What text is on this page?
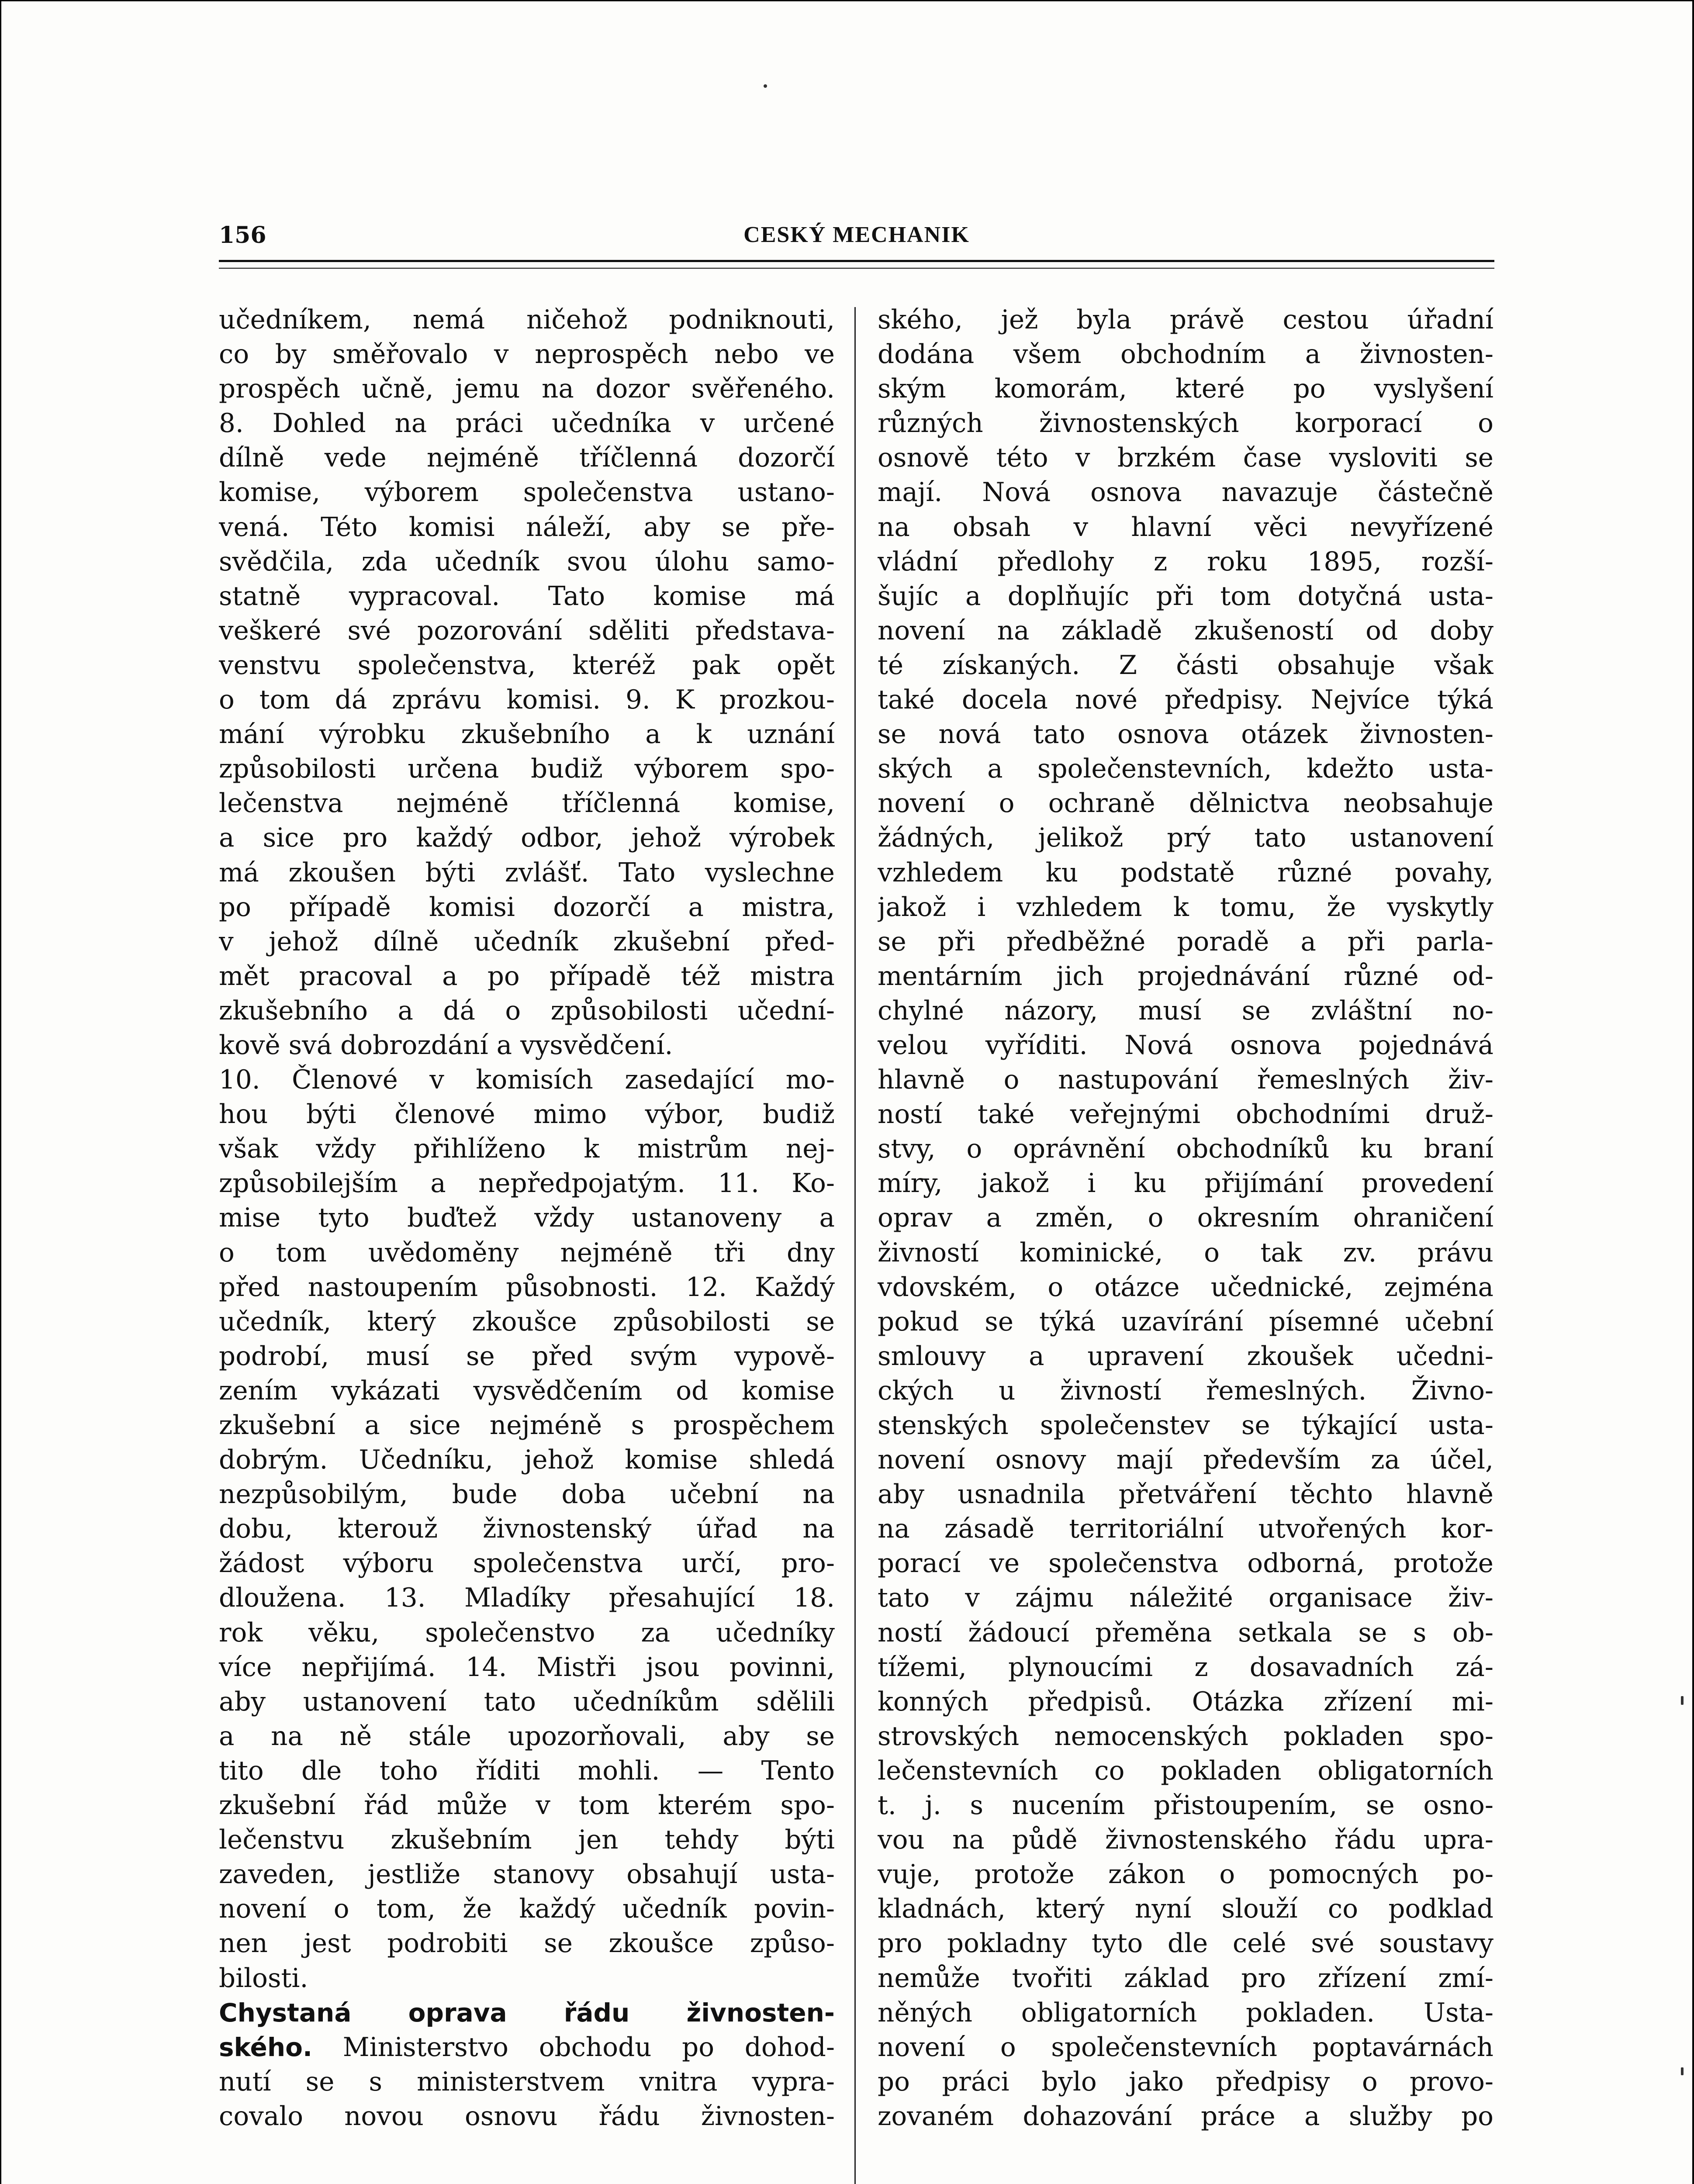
156	CESKÝ MECHANIK
učedníkem, nemá ničehož podniknouti,
co by směřovalo v neprospěch nebo ve
prospěch učně, jemu na dozor svěřeného.
8. Dohled na práci učedníka v určené
dílně vede nejméně tříčlenná dozorčí
komise, výborem společenstva ustano-
vená. Této komisi náleží, aby se pře-
svědčila, zda učedník svou úlohu samo-
statně vypracoval. Tato komise má
veškeré své pozorování sděliti představa-
venstvu společenstva, kteréž pak opět
o tom dá zprávu komisi. 9. K prozkou-
mání výrobku zkušebního a k uznání
způsobilosti určena budiž výborem spo-
lečenstva nejméně tříčlenná komise,
a sice pro každý odbor, jehož výrobek
má zkoušen býti zvlášť. Tato vyslechne
po případě komisi dozorčí a mistra,
v jehož dílně učedník zkušební před-
mět pracoval a po případě též mistra
zkušebního a dá o způsobilosti učední-
kově svá dobrozdání a vysvědčení.
10. Členové v komisích zasedající mo-
hou býti členové mimo výbor, budiž
však vždy přihlíženo k mistrům nej-
způsobilejším a nepředpojatým. 11. Ko-
mise tyto buďtež vždy ustanoveny a
o tom uvědoměny nejméně tři dny
před nastoupením působnosti. 12. Každý
učedník, který zkoušce způsobilosti se
podrobí, musí se před svým vypově-
zením vykázati vysvědčením od komise
zkušební a sice nejméně s prospěchem
dobrým. Učedníku, jehož komise shledá
nezpůsobilým, bude doba učební na
dobu, kterouž živnostenský úřad na
žádost výboru společenstva určí, pro-
dloužena. 13. Mladíky přesahující 18.
rok věku, společenstvo za učedníky
více nepřijímá. 14. Mistři jsou povinni,
aby ustanovení tato učedníkům sdělili
a na ně stále upozorňovali, aby se
tito dle toho říditi mohli. — Tento
zkušební řád může v tom kterém spo-
lečenstvu zkušebním jen tehdy býti
zaveden, jestliže stanovy obsahují usta-
novení o tom, že každý učedník povin-
nen jest podrobiti se zkoušce způso-
bilosti.
Chystaná oprava řádu živnosten-
ského. Ministerstvo obchodu po dohod-
nutí se s ministerstvem vnitra vypra-
covalo novou osnovu řádu živnosten-
ského, jež byla právě cestou úřadní
dodána všem obchodním a živnosten-
ským komorám, které po vyslyšení
různých živnostenských korporací o
osnově této v brzkém čase vysloviti se
mají. Nová osnova navazuje částečně
na obsah v hlavní věci nevyřízené
vládní předlohy z roku 1895, rozší-
šujíc a doplňujíc při tom dotyčná usta-
novení na základě zkušeností od doby
té získaných. Z části obsahuje však
také docela nové předpisy. Nejvíce týká
se nová tato osnova otázek živnosten-
ských a společenstevních, kdežto usta-
novení o ochraně dělnictva neobsahuje
žádných, jelikož prý tato ustanovení
vzhledem ku podstatě různé povahy,
jakož i vzhledem k tomu, že vyskytly
se při předběžné poradě a při parla-
mentárním jich projednávání různé od-
chylné názory, musí se zvláštní no-
velou vyříditi. Nová osnova pojednává
hlavně o nastupování řemeslných živ-
ností také veřejnými obchodními druž-
stvy, o oprávnění obchodníků ku braní
míry, jakož i ku přijímání provedení
oprav a změn, o okresním ohraničení
živností kominické, o tak zv. právu
vdovském, o otázce učednické, zejména
pokud se týká uzavírání písemné učební
smlouvy a upravení zkoušek učedni-
ckých u živností řemeslných. Živno-
stenských společenstev se týkající usta-
novení osnovy mají především za účel,
aby usnadnila přetváření těchto hlavně
na zásadě territoriální utvořených kor-
porací ve společenstva odborná, protože
tato v zájmu náležité organisace živ-
ností žádoucí přeměna setkala se s ob-
tížemi, plynoucími z dosavadních zá-
konných předpisů. Otázka zřízení mi-
strovských nemocenských pokladen spo-
lečenstevních co pokladen obligatorních
t. j. s nucením přistoupením, se osno-
vou na půdě živnostenského řádu upra-
vuje, protože zákon o pomocných po-
kladnách, který nyní slouží co podklad
pro pokladny tyto dle celé své soustavy
nemůže tvořiti základ pro zřízení zmí-
něných obligatorních pokladen. Usta-
novení o společenstevních poptavárnách
po práci bylo jako předpisy o provo-
zovaném dohazování práce a služby po
